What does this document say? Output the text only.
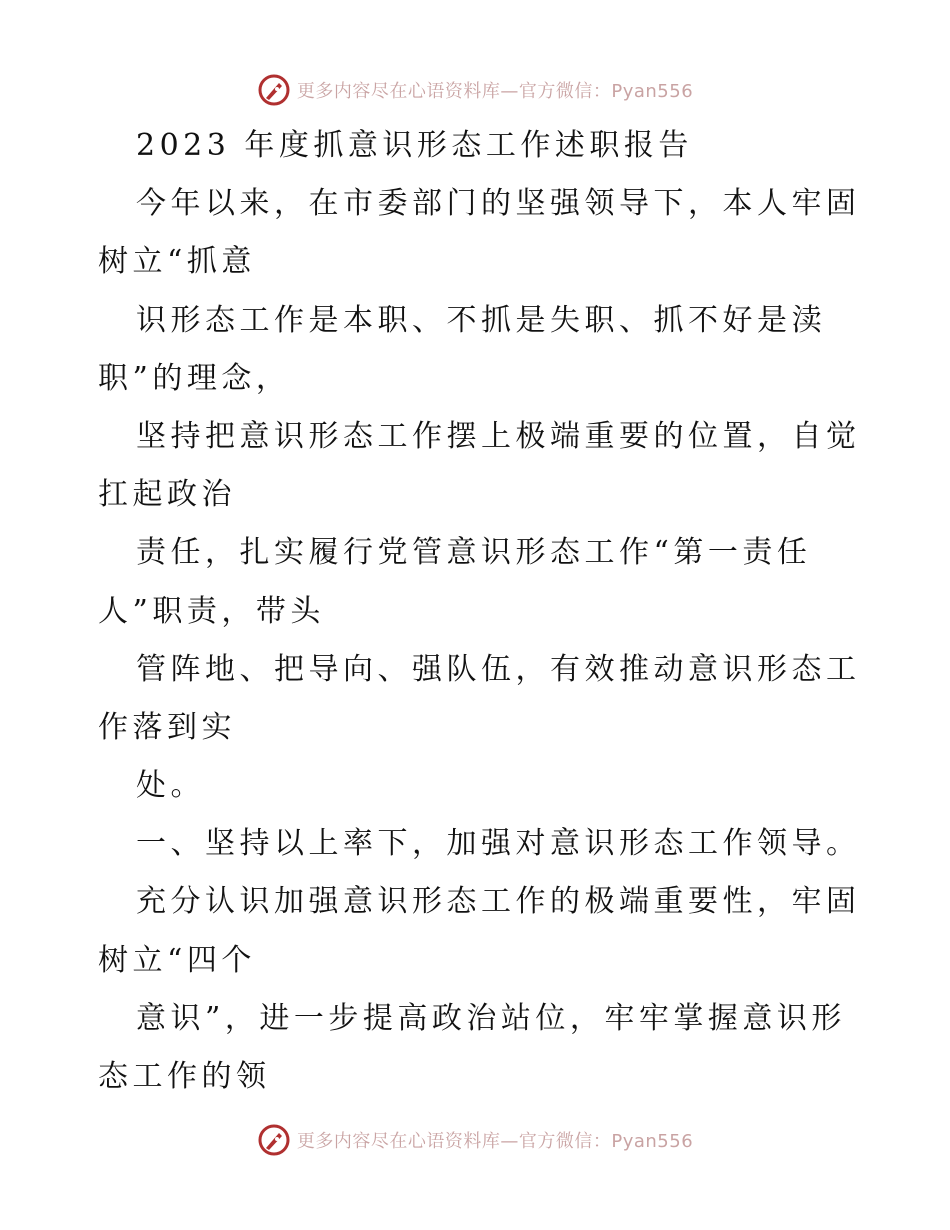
更多内容尽在心语资料库—官方微信：Pyan556
2023 年度抓意识形态工作述职报告
今年以来，在市委部门的坚强领导下，本人牢固
树立“抓意
识形态工作是本职、不抓是失职、抓不好是渎
职”的理念，
坚持把意识形态工作摆上极端重要的位置，自觉
扛起政治
责任，扎实履行党管意识形态工作“第一责任
人”职责，带头
管阵地、把导向、强队伍，有效推动意识形态工
作落到实
处。
一、坚持以上率下，加强对意识形态工作领导。
充分认识加强意识形态工作的极端重要性，牢固
树立“四个
意识”，进一步提高政治站位，牢牢掌握意识形
态工作的领
更多内容尽在心语资料库—官方微信：Pyan556
